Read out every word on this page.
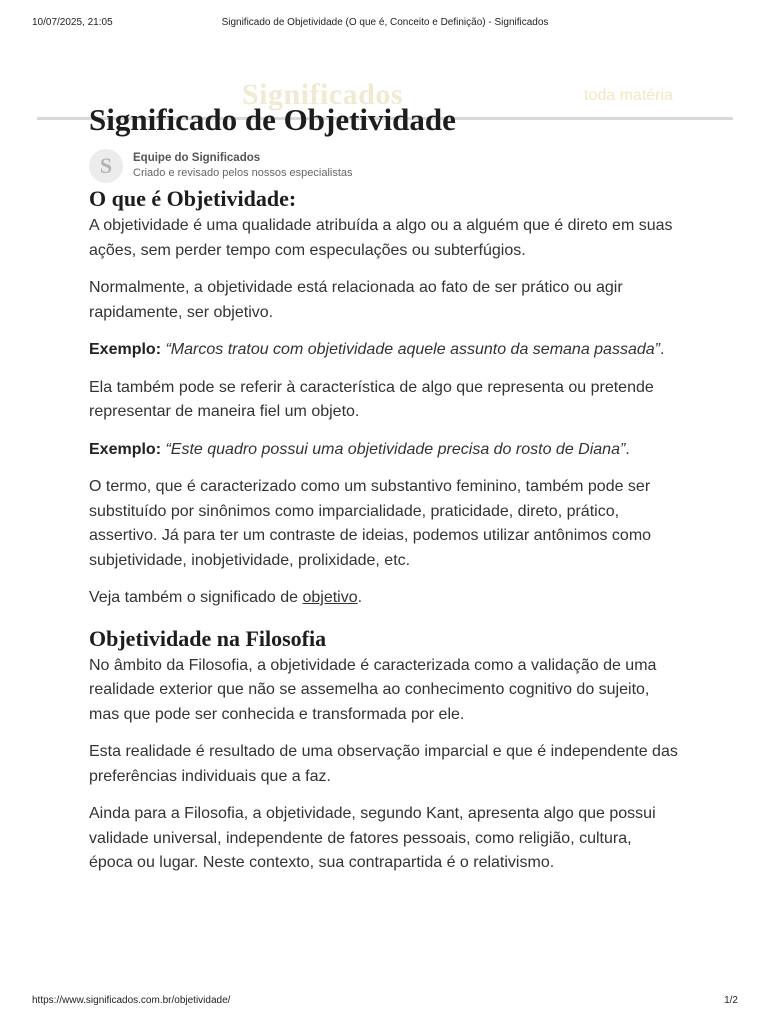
10/07/2025, 21:05	Significado de Objetividade (O que é, Conceito e Definição) - Significados
Significados	toda matéria
Significado de Objetividade
S	Equipe do Significados
Criado e revisado pelos nossos especialistas
O que é Objetividade:

A objetividade é uma qualidade atribuída a algo ou a alguém que é direto em suas ações, sem perder tempo com especulações ou subterfúgios.

Normalmente, a objetividade está relacionada ao fato de ser prático ou agir rapidamente, ser objetivo.

Exemplo: “Marcos tratou com objetividade aquele assunto da semana passada”.

Ela também pode se referir à característica de algo que representa ou pretende representar de maneira fiel um objeto.

Exemplo: “Este quadro possui uma objetividade precisa do rosto de Diana”.

O termo, que é caracterizado como um substantivo feminino, também pode ser substituído por sinônimos como imparcialidade, praticidade, direto, prático, assertivo. Já para ter um contraste de ideias, podemos utilizar antônimos como subjetividade, inobjetividade, prolixidade, etc.

Veja também o significado de objetivo.

Objetividade na Filosofia

No âmbito da Filosofia, a objetividade é caracterizada como a validação de uma realidade exterior que não se assemelha ao conhecimento cognitivo do sujeito, mas que pode ser conhecida e transformada por ele.

Esta realidade é resultado de uma observação imparcial e que é independente das preferências individuais que a faz.

Ainda para a Filosofia, a objetividade, segundo Kant, apresenta algo que possui validade universal, independente de fatores pessoais, como religião, cultura, época ou lugar. Neste contexto, sua contrapartida é o relativismo.

https://www.significados.com.br/objetividade/	1/2
